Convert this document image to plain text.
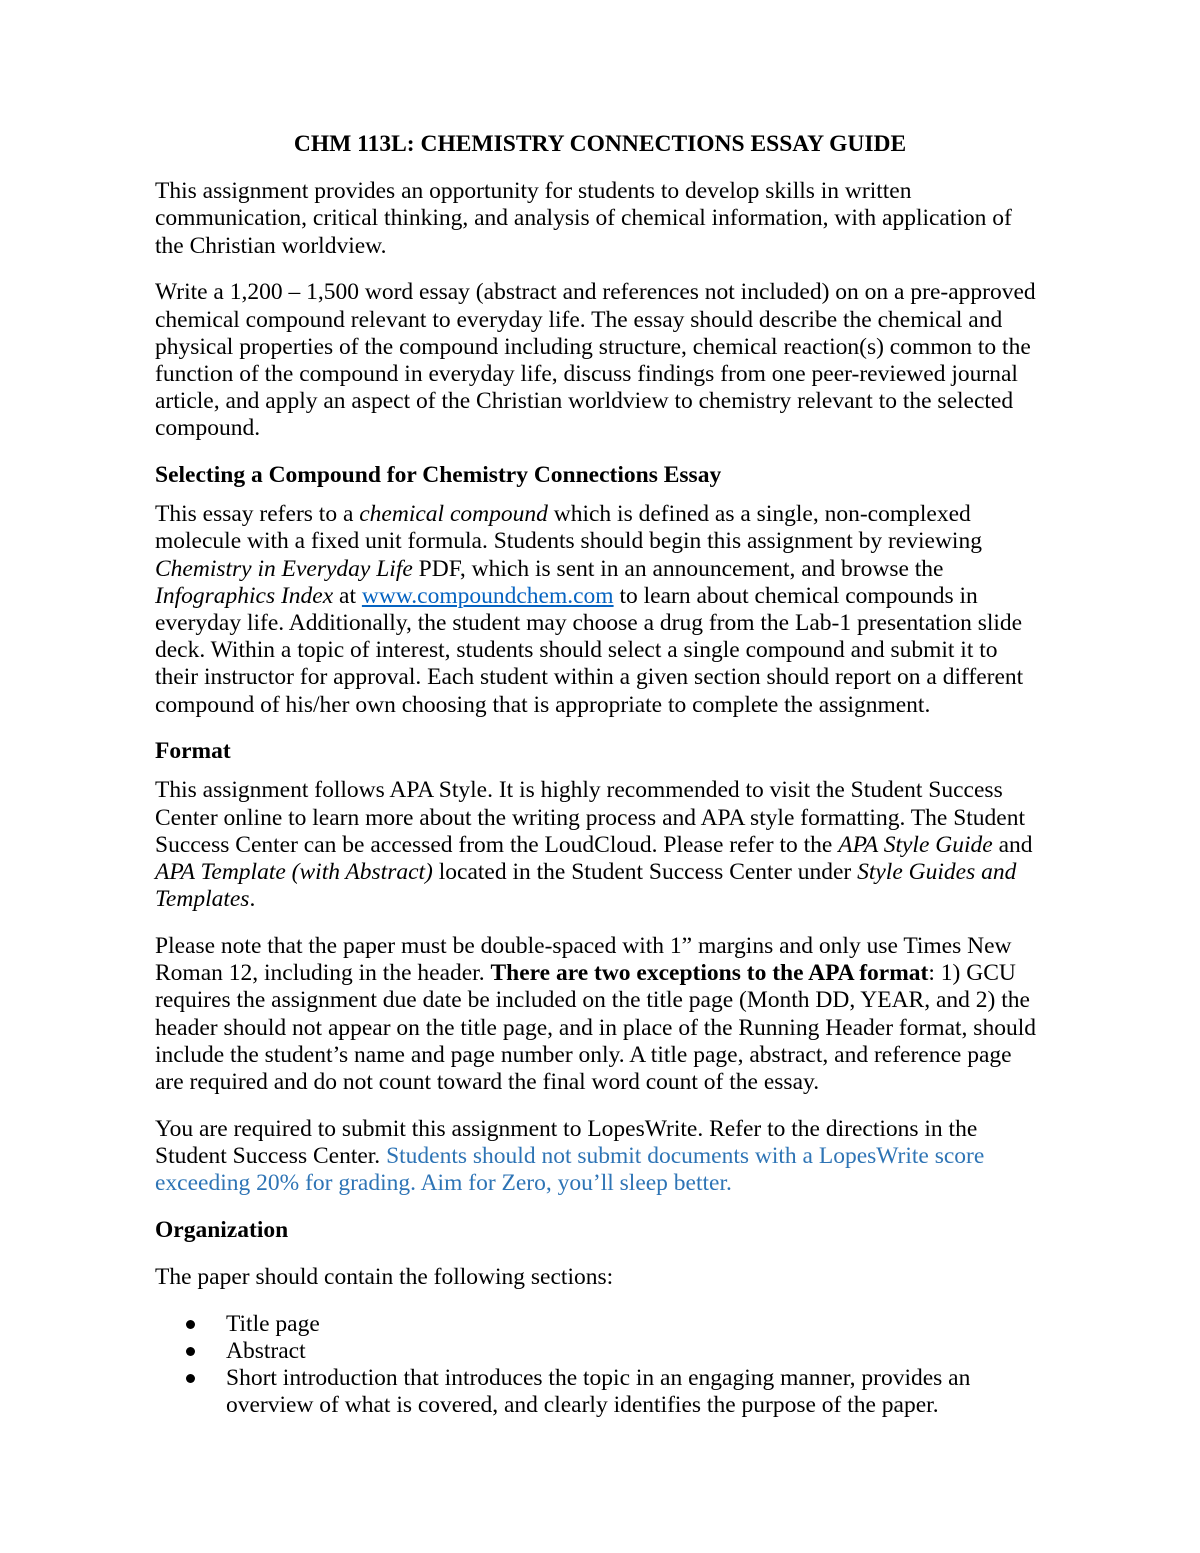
CHM 113L: CHEMISTRY CONNECTIONS ESSAY GUIDE

This assignment provides an opportunity for students to develop skills in written communication, critical thinking, and analysis of chemical information, with application of the Christian worldview.

Write a 1,200 – 1,500 word essay (abstract and references not included) on on a pre-approved chemical compound relevant to everyday life. The essay should describe the chemical and physical properties of the compound including structure, chemical reaction(s) common to the function of the compound in everyday life, discuss findings from one peer-reviewed journal article, and apply an aspect of the Christian worldview to chemistry relevant to the selected compound.

Selecting a Compound for Chemistry Connections Essay

This essay refers to a chemical compound which is defined as a single, non-complexed molecule with a fixed unit formula. Students should begin this assignment by reviewing Chemistry in Everyday Life PDF, which is sent in an announcement, and browse the Infographics Index at www.compoundchem.com to learn about chemical compounds in everyday life. Additionally, the student may choose a drug from the Lab-1 presentation slide deck. Within a topic of interest, students should select a single compound and submit it to their instructor for approval. Each student within a given section should report on a different compound of his/her own choosing that is appropriate to complete the assignment.

Format

This assignment follows APA Style. It is highly recommended to visit the Student Success Center online to learn more about the writing process and APA style formatting. The Student Success Center can be accessed from the LoudCloud. Please refer to the APA Style Guide and APA Template (with Abstract) located in the Student Success Center under Style Guides and Templates.

Please note that the paper must be double-spaced with 1” margins and only use Times New Roman 12, including in the header. There are two exceptions to the APA format: 1) GCU requires the assignment due date be included on the title page (Month DD, YEAR, and 2) the header should not appear on the title page, and in place of the Running Header format, should include the student’s name and page number only. A title page, abstract, and reference page are required and do not count toward the final word count of the essay.

You are required to submit this assignment to LopesWrite. Refer to the directions in the Student Success Center. Students should not submit documents with a LopesWrite score exceeding 20% for grading. Aim for Zero, you’ll sleep better.

Organization

The paper should contain the following sections:

Title page
Abstract
Short introduction that introduces the topic in an engaging manner, provides an overview of what is covered, and clearly identifies the purpose of the paper.
